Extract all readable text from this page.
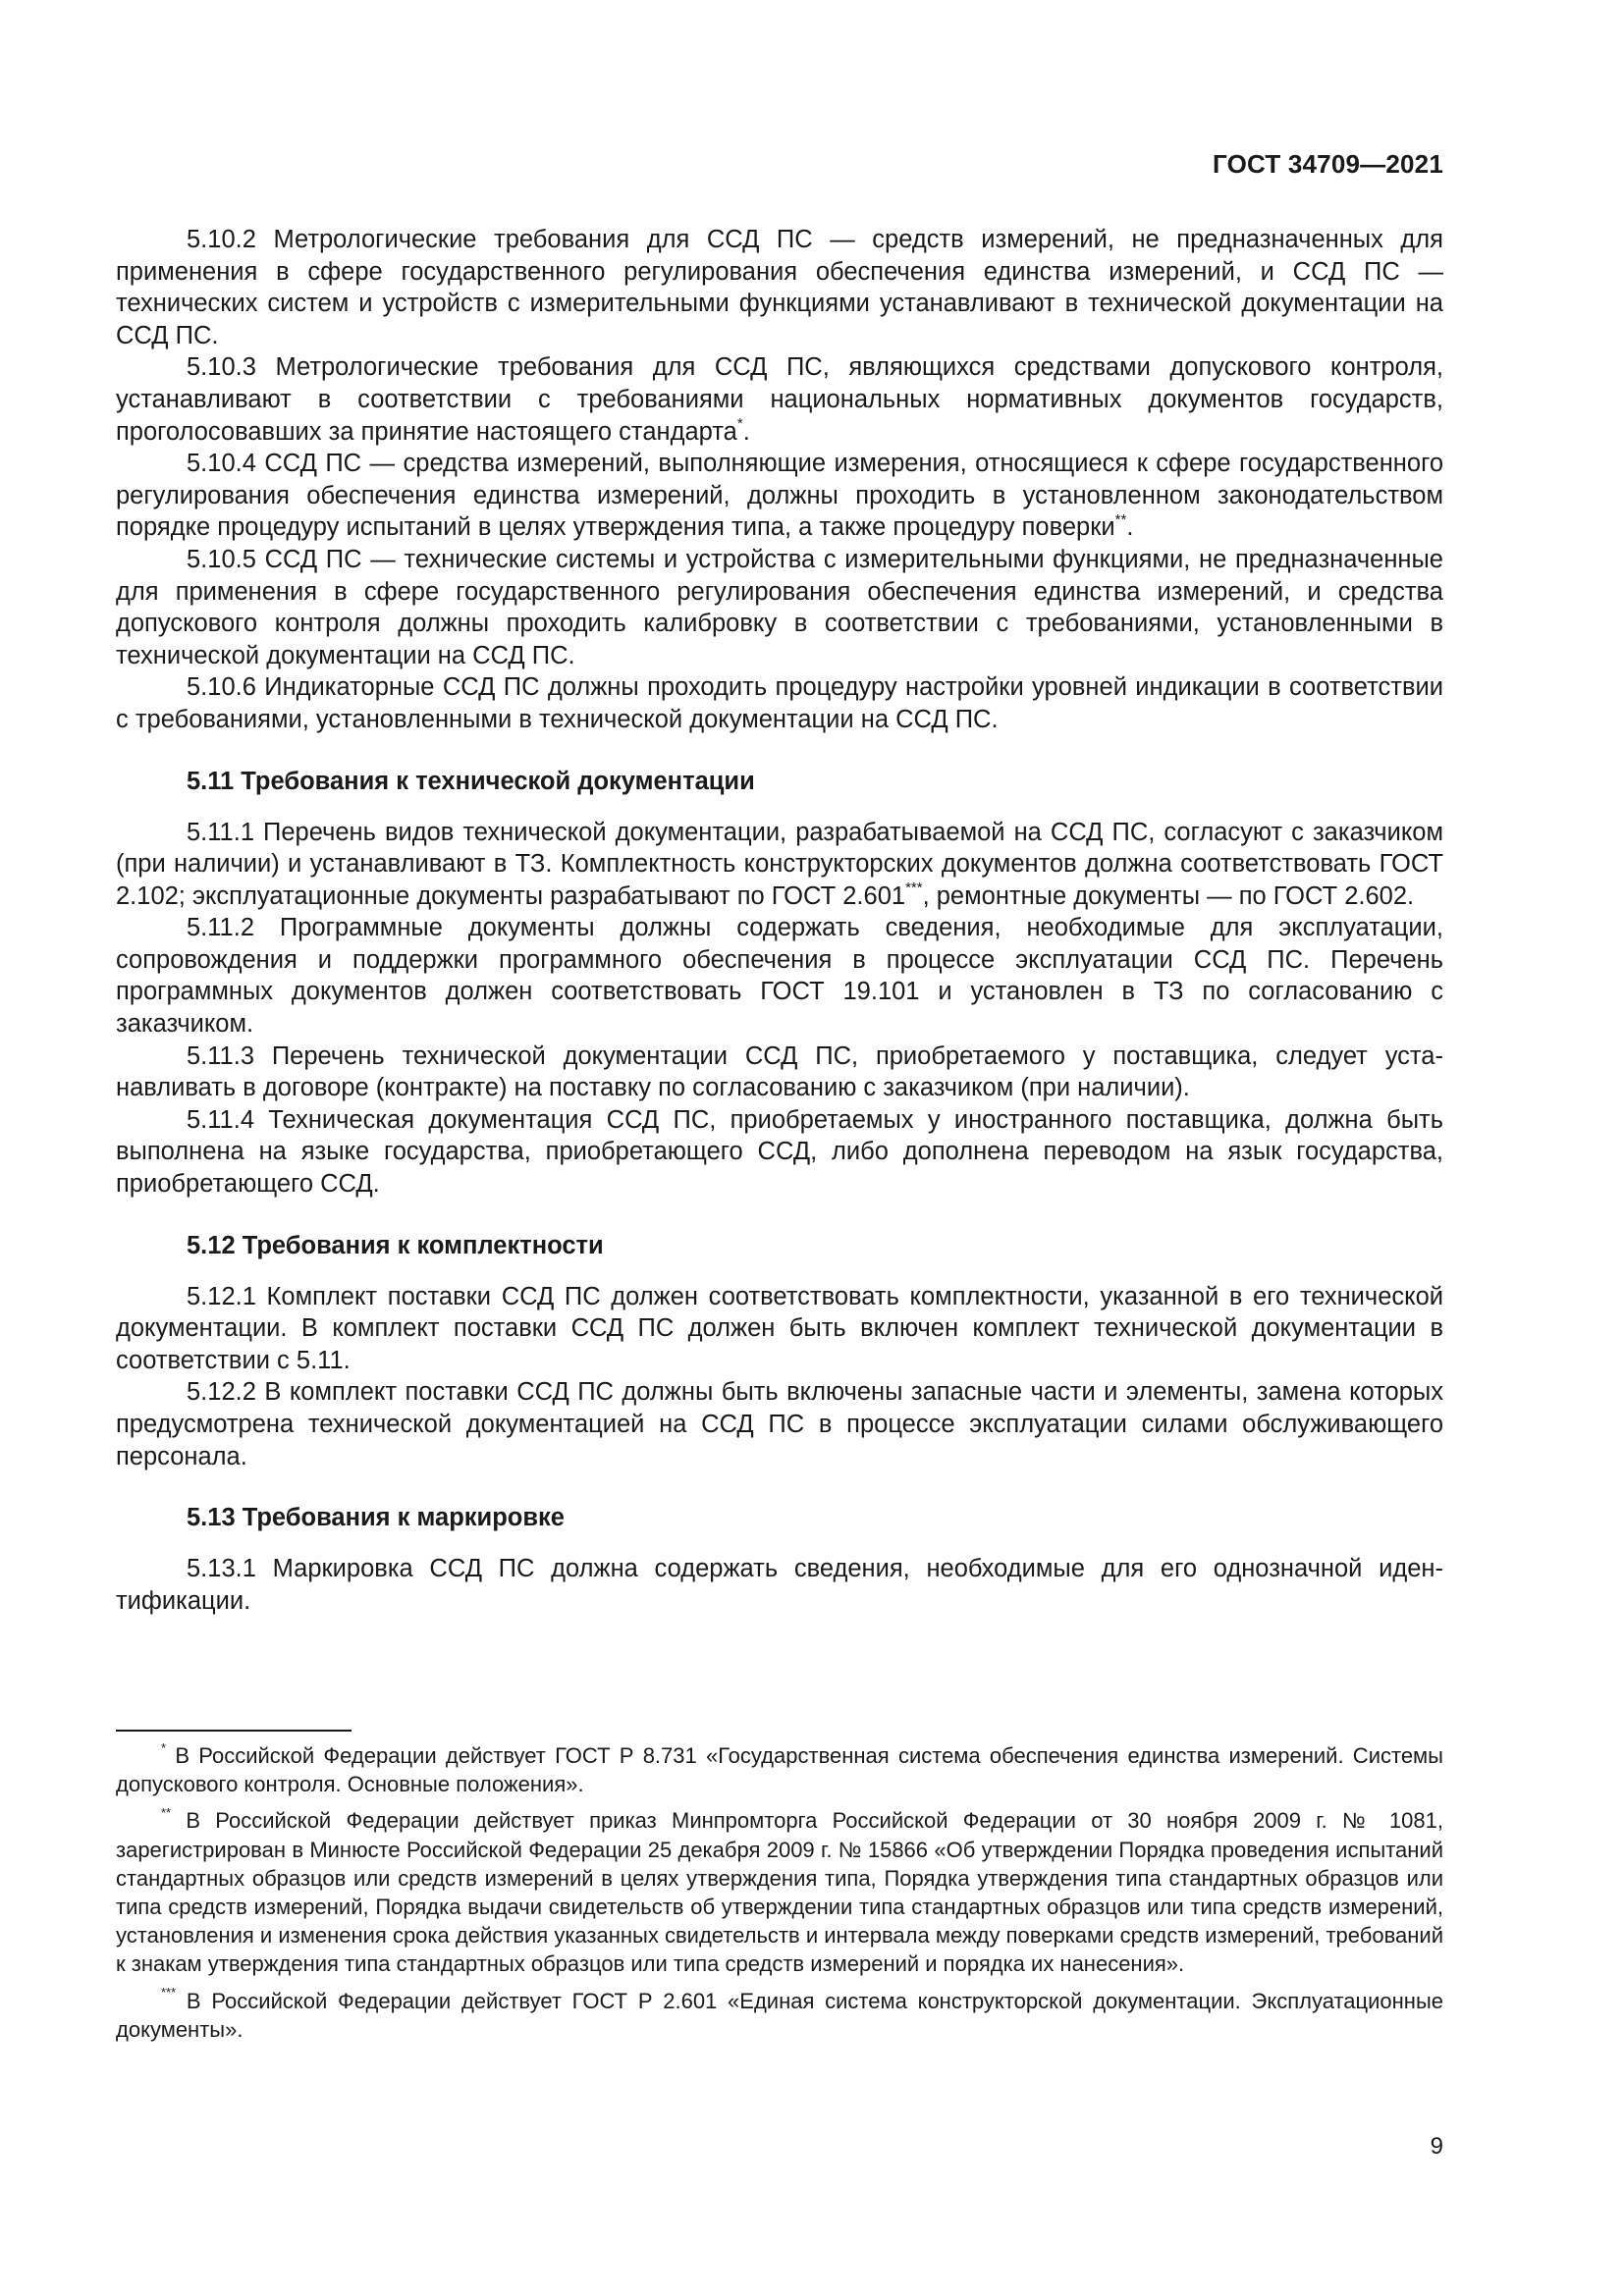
ГОСТ 34709—2021

5.10.2 Метрологические требования для ССД ПС — средств измерений, не предназначенных для применения в сфере государственного регулирования обеспечения единства измерений, и ССД ПС — технических систем и устройств с измерительными функциями устанавливают в технической документации на ССД ПС.

5.10.3 Метрологические требования для ССД ПС, являющихся средствами допускового контроля, устанавливают в соответствии с требованиями национальных нормативных документов государств, проголосовавших за принятие настоящего стандарта*.

5.10.4 ССД ПС — средства измерений, выполняющие измерения, относящиеся к сфере государственного регулирования обеспечения единства измерений, должны проходить в установленном законодательством порядке процедуру испытаний в целях утверждения типа, а также процедуру поверки**.

5.10.5 ССД ПС — технические системы и устройства с измерительными функциями, не предназначенные для применения в сфере государственного регулирования обеспечения единства измерений, и средства допускового контроля должны проходить калибровку в соответствии с требованиями, установленными в технической документации на ССД ПС.

5.10.6 Индикаторные ССД ПС должны проходить процедуру настройки уровней индикации в соответствии с требованиями, установленными в технической документации на ССД ПС.

5.11 Требования к технической документации

5.11.1 Перечень видов технической документации, разрабатываемой на ССД ПС, согласуют с заказчиком (при наличии) и устанавливают в ТЗ. Комплектность конструкторских документов должна соответствовать ГОСТ 2.102; эксплуатационные документы разрабатывают по ГОСТ 2.601***, ремонтные документы — по ГОСТ 2.602.

5.11.2 Программные документы должны содержать сведения, необходимые для эксплуатации, сопровождения и поддержки программного обеспечения в процессе эксплуатации ССД ПС. Перечень программных документов должен соответствовать ГОСТ 19.101 и установлен в ТЗ по согласованию с заказчиком.

5.11.3 Перечень технической документации ССД ПС, приобретаемого у поставщика, следует устанавливать в договоре (контракте) на поставку по согласованию с заказчиком (при наличии).

5.11.4 Техническая документация ССД ПС, приобретаемых у иностранного поставщика, должна быть выполнена на языке государства, приобретающего ССД, либо дополнена переводом на язык государства, приобретающего ССД.

5.12 Требования к комплектности

5.12.1 Комплект поставки ССД ПС должен соответствовать комплектности, указанной в его технической документации. В комплект поставки ССД ПС должен быть включен комплект технической документации в соответствии с 5.11.

5.12.2 В комплект поставки ССД ПС должны быть включены запасные части и элементы, замена которых предусмотрена технической документацией на ССД ПС в процессе эксплуатации силами обслуживающего персонала.

5.13 Требования к маркировке

5.13.1 Маркировка ССД ПС должна содержать сведения, необходимые для его однозначной идентификации.

* В Российской Федерации действует ГОСТ Р 8.731 «Государственная система обеспечения единства измерений. Системы допускового контроля. Основные положения».

** В Российской Федерации действует приказ Минпромторга Российской Федерации от 30 ноября 2009 г. № 1081, зарегистрирован в Минюсте Российской Федерации 25 декабря 2009 г. № 15866 «Об утверждении Порядка проведения испытаний стандартных образцов или средств измерений в целях утверждения типа, Порядка утверждения типа стандартных образцов или типа средств измерений, Порядка выдачи свидетельств об утверждении типа стандартных образцов или типа средств измерений, установления и изменения срока действия указанных свидетельств и интервала между поверками средств измерений, требований к знакам утверждения типа стандартных образцов или типа средств измерений и порядка их нанесения».

*** В Российской Федерации действует ГОСТ Р 2.601 «Единая система конструкторской документации. Эксплуатационные документы».

9
